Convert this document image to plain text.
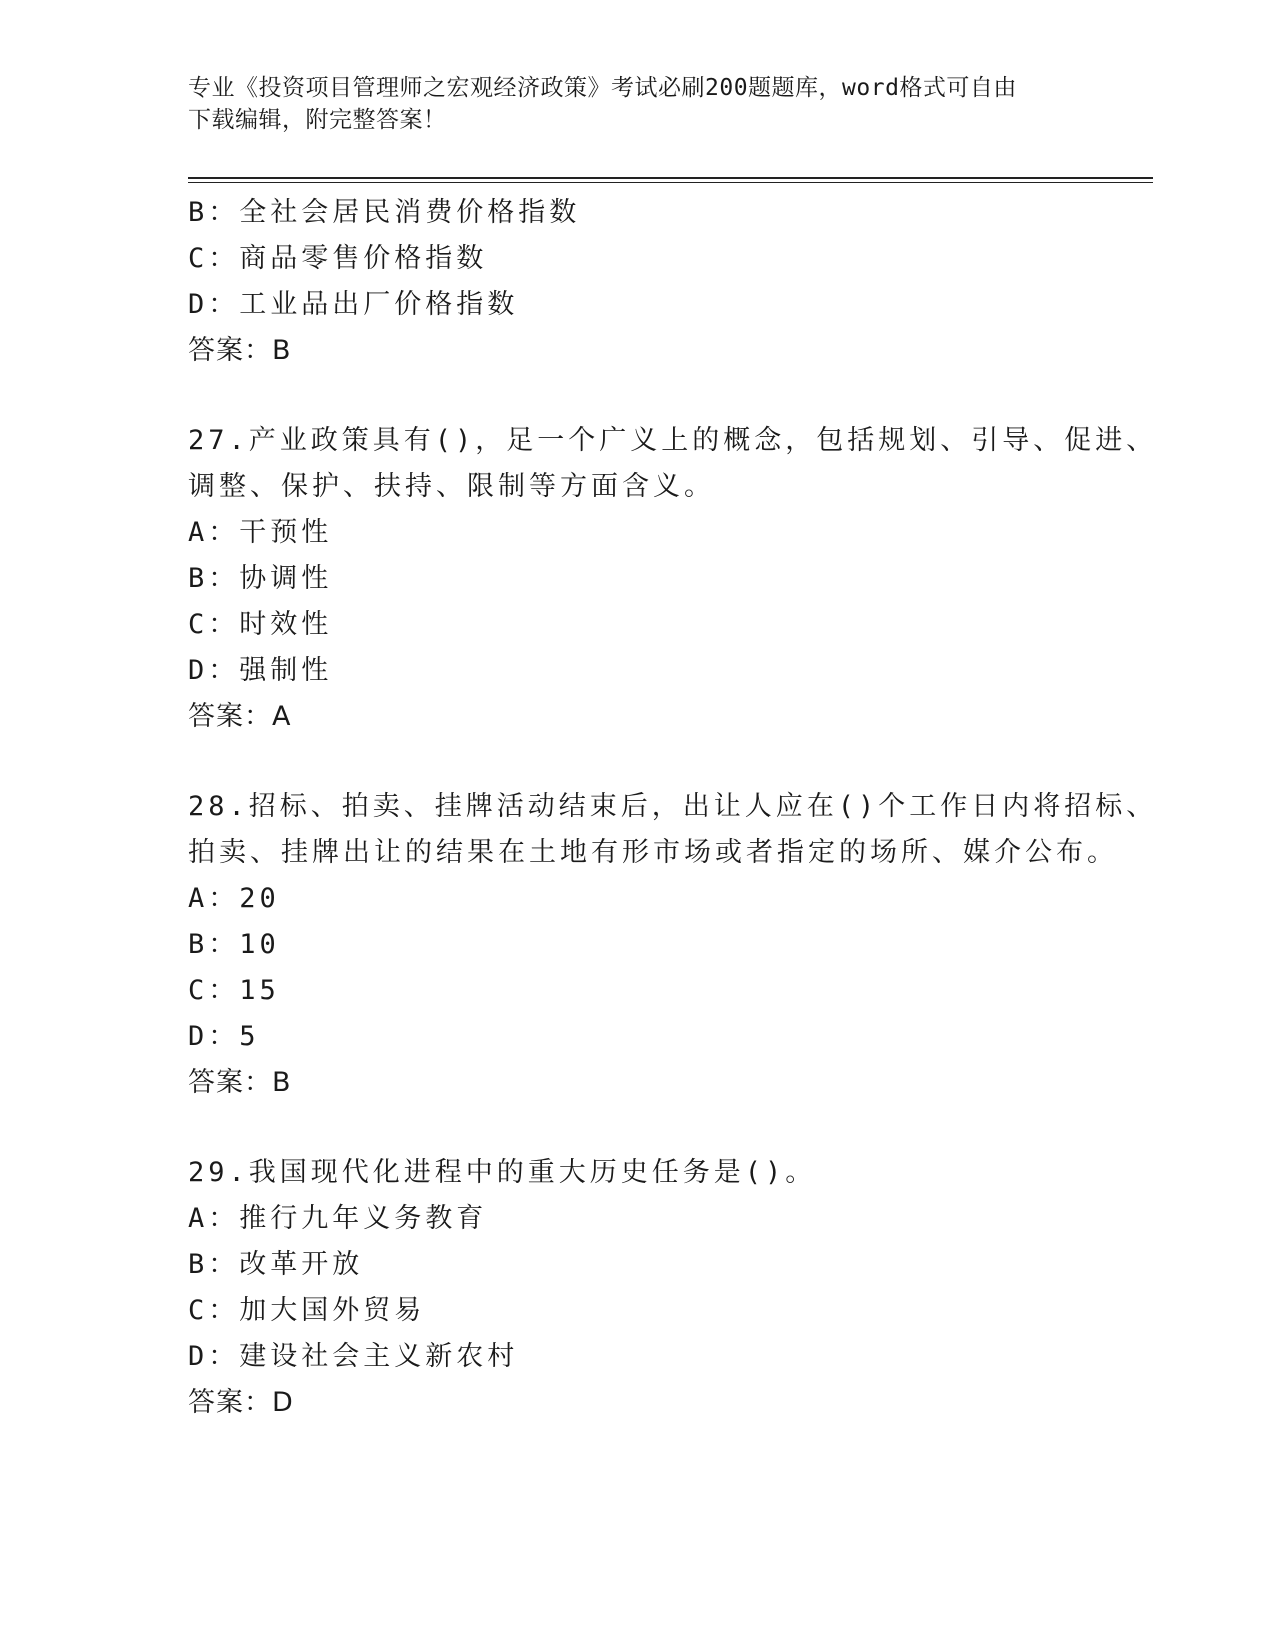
专业《投资项目管理师之宏观经济政策》考试必刷200题题库，word格式可自由
下载编辑，附完整答案！
B：全社会居民消费价格指数
C：商品零售价格指数
D：工业品出厂价格指数
答案：B
27.产业政策具有()，足一个广义上的概念，包括规划、引导、促进、
调整、保护、扶持、限制等方面含义。
A：干预性
B：协调性
C：时效性
D：强制性
答案：A
28.招标、拍卖、挂牌活动结束后，出让人应在()个工作日内将招标、
拍卖、挂牌出让的结果在土地有形市场或者指定的场所、媒介公布。
A：20
B：10
C：15
D：5
答案：B
29.我国现代化进程中的重大历史任务是()。
A：推行九年义务教育
B：改革开放
C：加大国外贸易
D：建设社会主义新农村
答案：D
